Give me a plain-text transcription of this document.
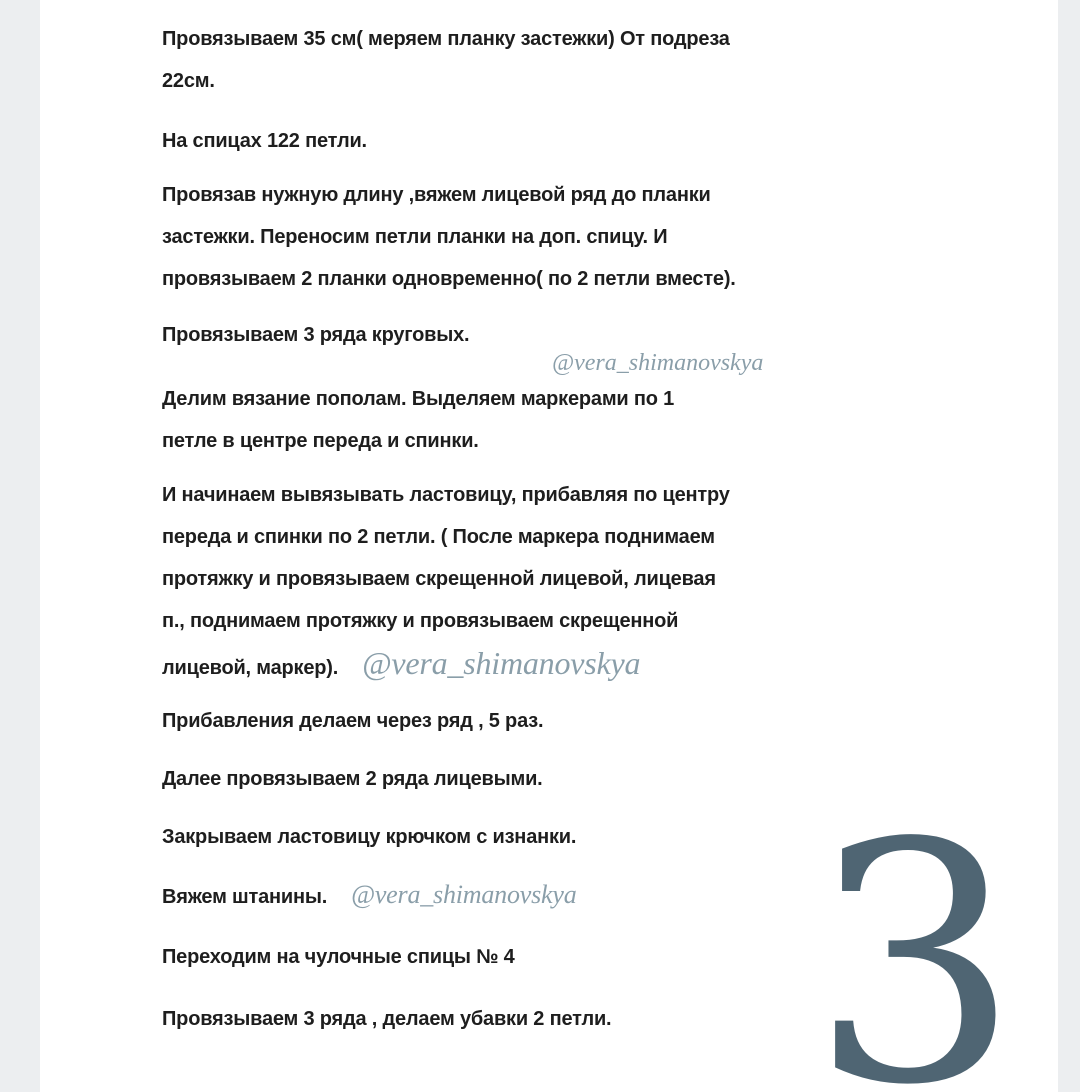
Провязываем 35 см( меряем планку застежки) От подреза
22см.

На спицах 122 петли.

Провязав нужную длину ,вяжем лицевой ряд до планки
застежки. Переносим петли планки на доп. спицу. И
провязываем 2 планки одновременно( по 2 петли вместе).

Провязываем 3 ряда круговых.

@vera_shimanovskya

Делим вязание пополам. Выделяем маркерами по 1
петле в центре переда и спинки.

И начинаем вывязывать ластовицу, прибавляя по центру
переда и спинки по 2 петли. ( После маркера поднимаем
протяжку и провязываем скрещенной лицевой, лицевая
п., поднимаем протяжку и провязываем скрещенной
лицевой, маркер). @vera_shimanovskya

Прибавления делаем через ряд , 5 раз.

Далее провязываем 2 ряда лицевыми.

Закрываем ластовицу крючком с изнанки.

Вяжем штанины. @vera_shimanovskya

Переходим на чулочные спицы № 4

Провязываем 3 ряда , делаем убавки 2 петли. 3
